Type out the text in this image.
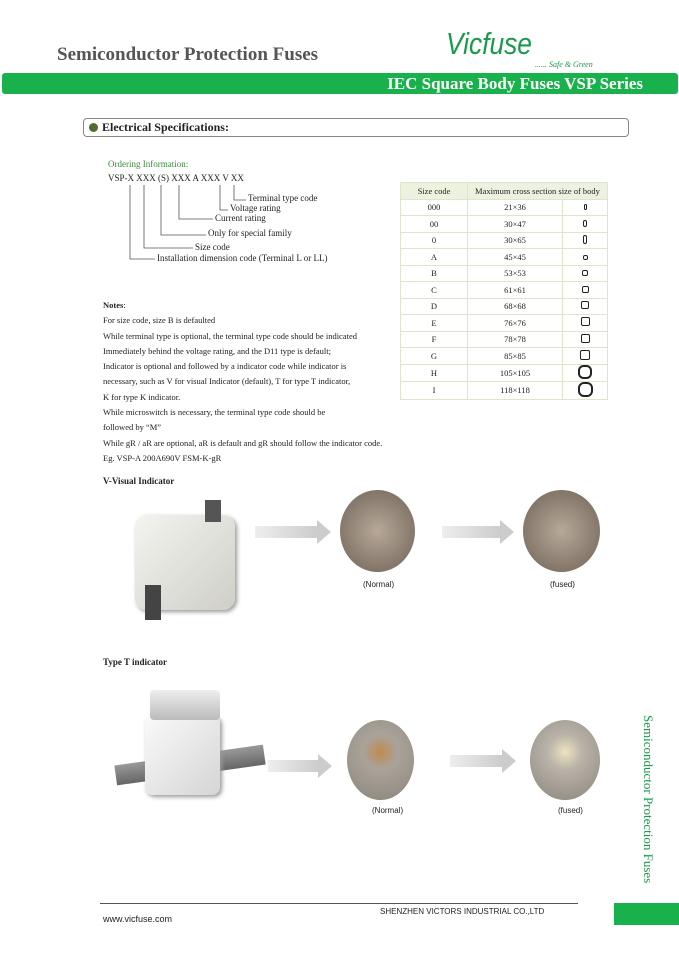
Semiconductor Protection Fuses	Vicfuse
...... Safe & Green
IEC Square Body Fuses VSP Series
Electrical Specifications:
Ordering Information:
VSP-X XXX (S) XXX A XXX V XX
Terminal type code
Voltage rating
Current rating
Only for special family
Size code
Installation dimension code (Terminal L or LL)
Size code	Maximum cross section size of body	
000	21×36	
00	30×47	
0	30×65	
A	45×45	
B	53×53	
C	61×61	
D	68×68	
E	76×76	
F	78×78	
G	85×85	
H	105×105	
I	118×118	
Notes:
For size code, size B is defaulted
While terminal type is optional, the terminal type code should be indicated
Immediately behind the voltage rating, and the D11 type is default;
Indicator is optional and followed by a indicator code while indicator is
necessary, such as V for visual Indicator (default), T for type T indicator,
K for type K indicator.
While microswitch is necessary, the terminal type code should be
followed by “M”
While gR / aR are optional, aR is default and gR should follow the indicator code.
Eg. VSP-A 200A690V FSM-K-gR
V-Visual Indicator
(Normal)	(fused)
Type T indicator
(Normal)	(fused)	Semiconductor Protection Fuses
SHENZHEN VICTORS INDUSTRIAL CO.,LTD
www.vicfuse.com
